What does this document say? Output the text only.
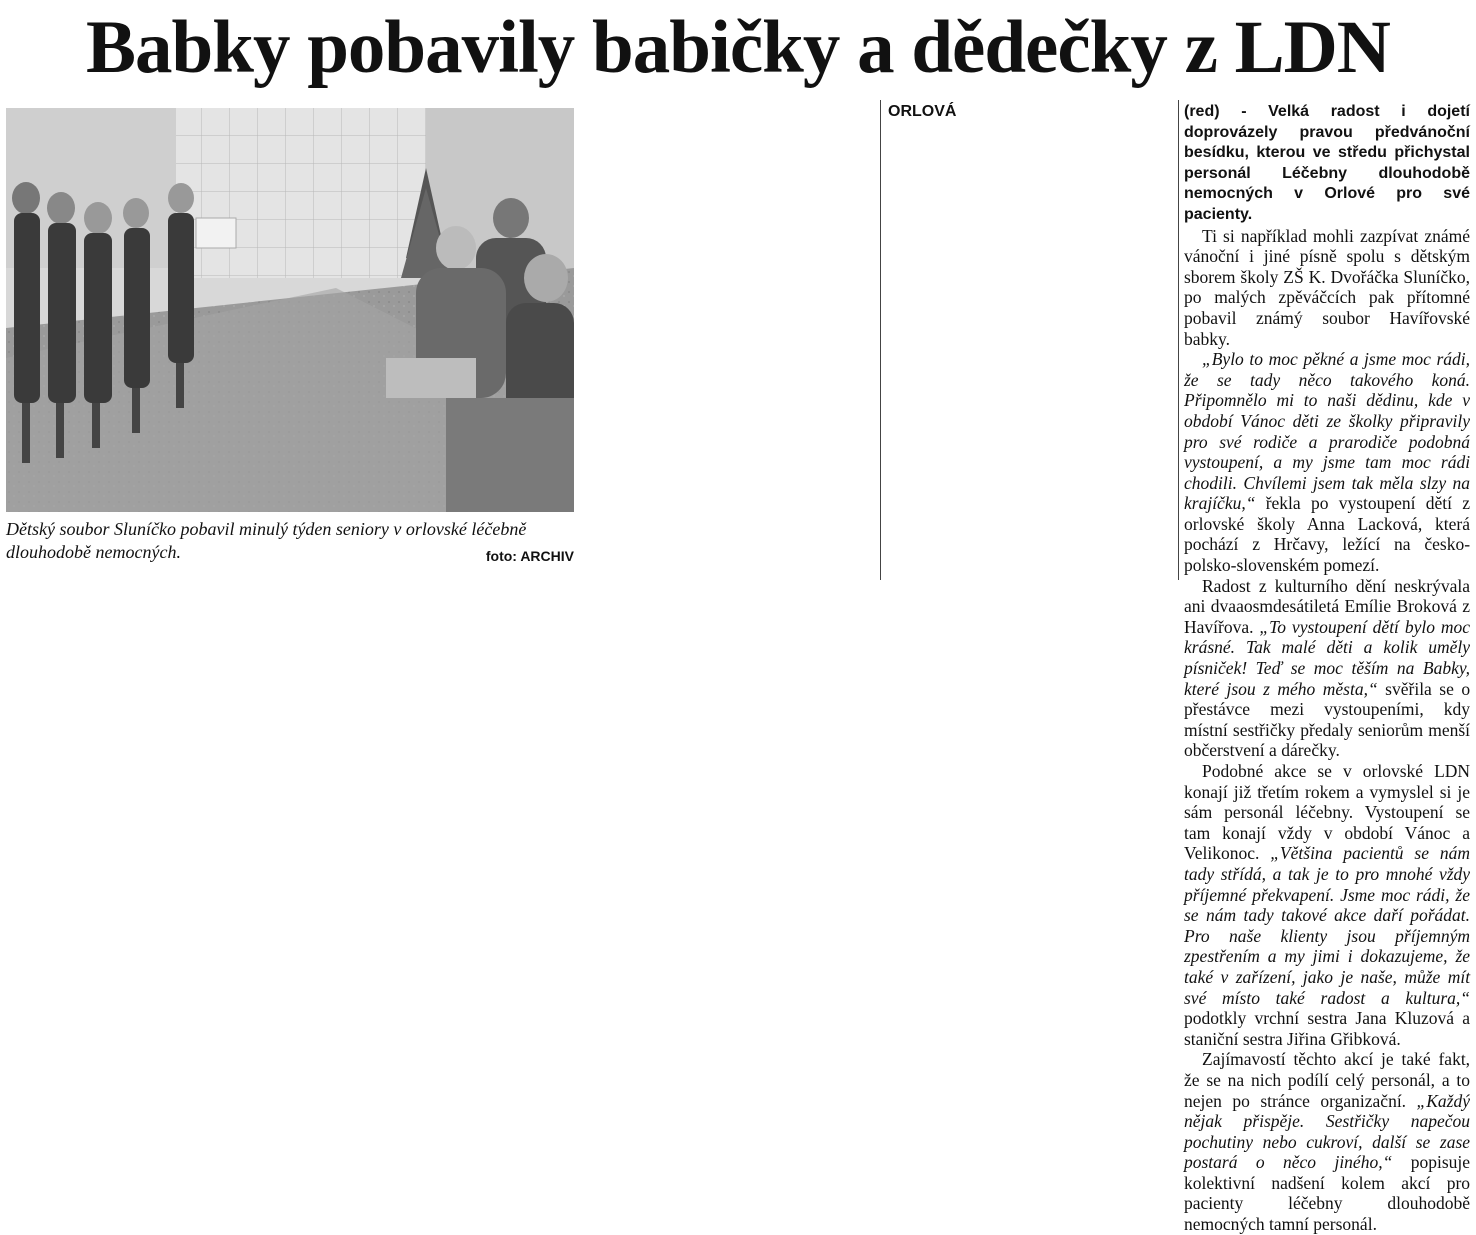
Babky pobavily babičky a dědečky z LDN
Dětský soubor Sluníčko pobavil minulý týden seniory v orlovské léčebně dlouhodobě nemocných.	foto: ARCHIV

ORLOVÁ	(red) - Velká radost i dojetí doprovázely pravou předvánoční besídku, kterou ve středu přichystal personál Léčebny dlouhodobě nemocných v Orlové pro své pacienty.

Ti si například mohli zazpívat známé vánoční i jiné písně spolu s dětským sborem školy ZŠ K. Dvořáčka Sluníčko, po malých zpěváčcích pak přítomné pobavil známý soubor Havířovské babky.

„Bylo to moc pěkné a jsme moc rádi, že se tady něco takového koná. Připomnělo mi to naši dědinu, kde v období Vánoc děti ze školky připravily pro své rodiče a prarodiče podobná vystoupení, a my jsme tam moc rádi chodili. Chvílemi jsem tak měla slzy na krajíčku,“ řekla po vystoupení dětí z orlovské školy Anna Lacková, která pochází z Hrčavy, ležící na česko-polsko-slovenském pomezí.

Radost z kulturního dění neskrývala ani dvaaosmdesátiletá Emílie Broková z Havířova. „To vystoupení dětí bylo moc krásné. Tak malé děti a kolik uměly písniček! Teď se moc těším na Babky, které jsou z mého města,“ svěřila se o přestávce mezi vystoupeními, kdy místní sestřičky předaly seniorům menší občerstvení a dárečky.

Podobné akce se v orlovské LDN konají již třetím rokem a vymyslel si je sám personál léčebny. Vystoupení se tam konají vždy v období Vánoc a Velikonoc. „Většina pacientů se nám tady střídá, a tak je to pro mnohé vždy příjemné překvapení. Jsme moc rádi, že se nám tady takové akce daří pořádat. Pro naše klienty jsou příjemným zpestřením a my jimi i dokazujeme, že také v zařízení, jako je naše, může mít své místo také radost a kultura,“ podotkly vrchní sestra Jana Kluzová a staniční sestra Jiřina Gřibková.

Zajímavostí těchto akcí je také fakt, že se na nich podílí celý personál, a to nejen po stránce organizační. „Každý nějak přispěje. Sestřičky napečou pochutiny nebo cukroví, další se zase postará o něco jiného,“ popisuje kolektivní nadšení kolem akcí pro pacienty	léčebny	dlouhodobě nemocných tamní personál.
